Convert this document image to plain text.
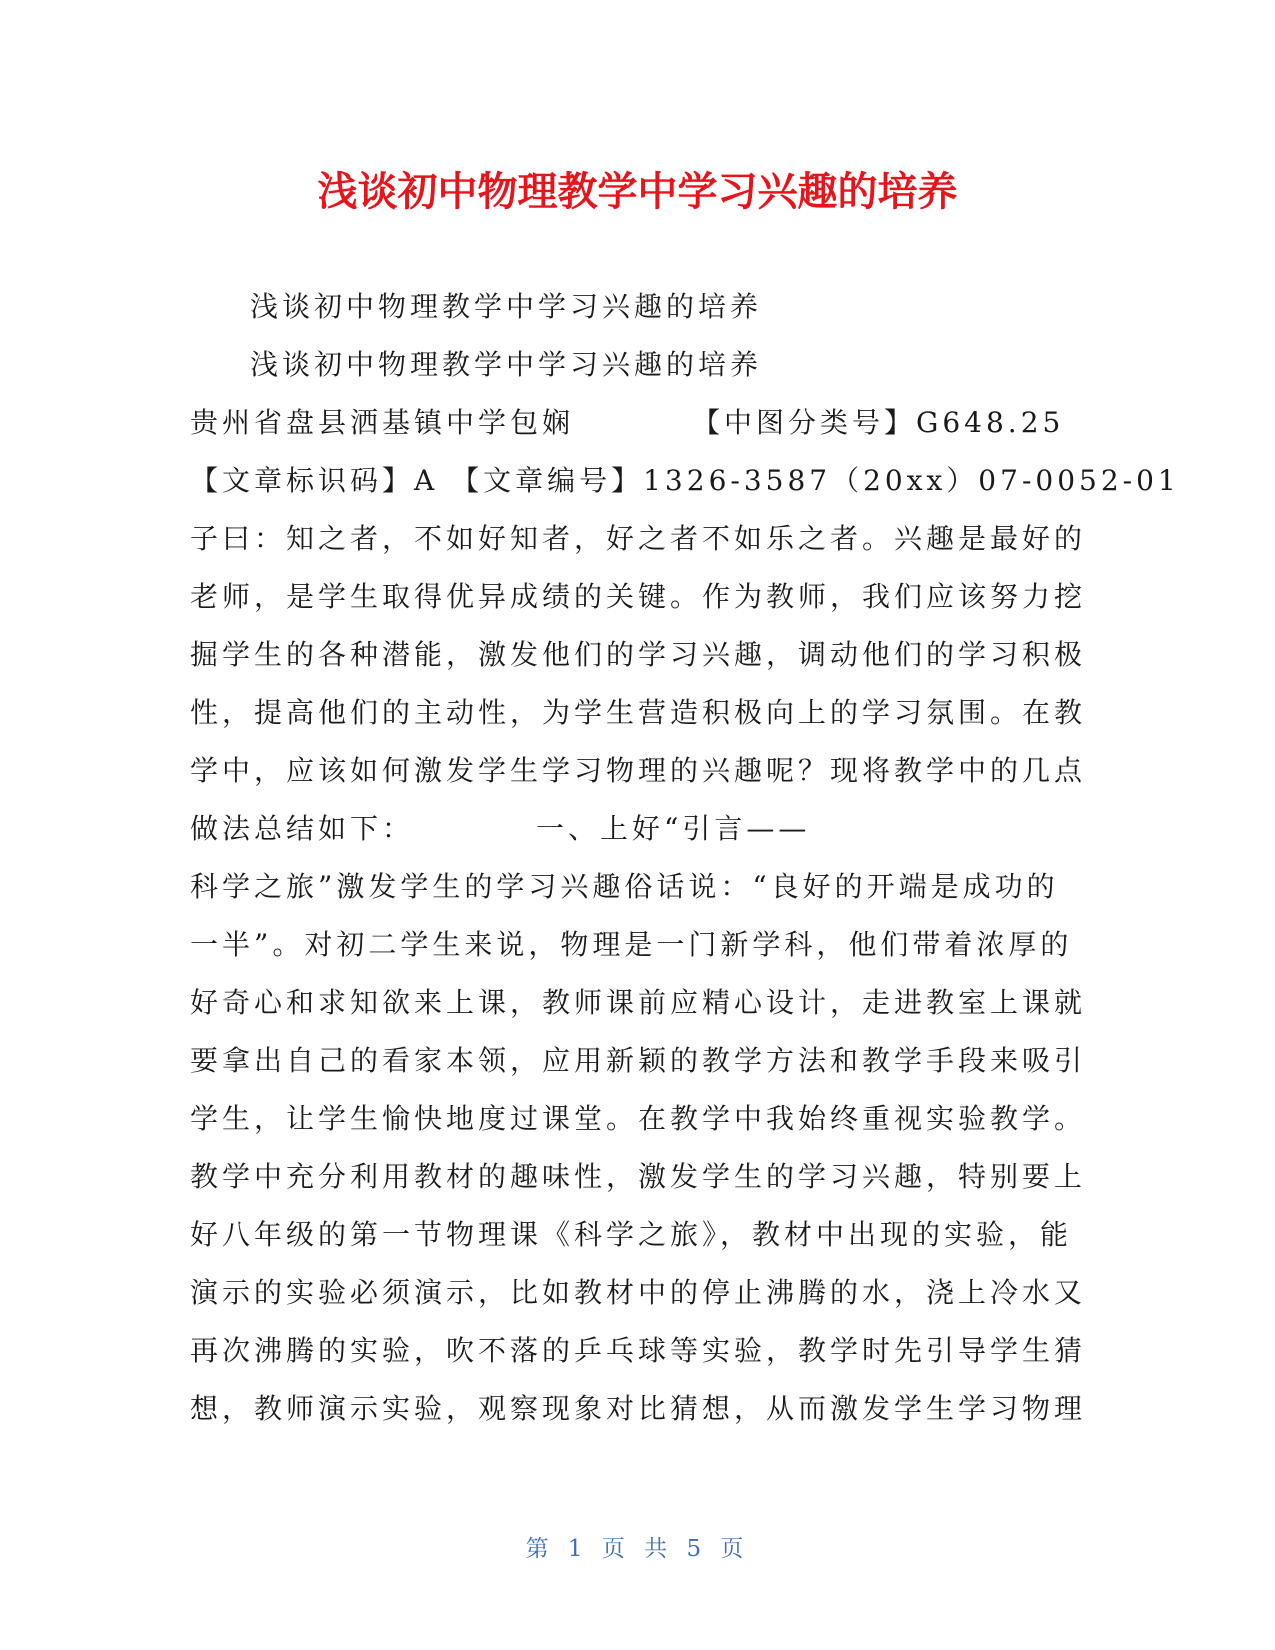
浅谈初中物理教学中学习兴趣的培养
浅谈初中物理教学中学习兴趣的培养
浅谈初中物理教学中学习兴趣的培养
贵州省盘县洒基镇中学包娴	【中图分类号】G648.25
【文章标识码】A 【文章编号】1326-3587（20xx）07-0052-01
子曰：知之者，不如好知者，好之者不如乐之者。兴趣是最好的
老师，是学生取得优异成绩的关键。作为教师，我们应该努力挖
掘学生的各种潜能，激发他们的学习兴趣，调动他们的学习积极
性，提高他们的主动性，为学生营造积极向上的学习氛围。在教
学中，应该如何激发学生学习物理的兴趣呢？现将教学中的几点
做法总结如下：	一、上好“引言——
科学之旅”激发学生的学习兴趣俗话说：“良好的开端是成功的
一半”。对初二学生来说，物理是一门新学科，他们带着浓厚的
好奇心和求知欲来上课，教师课前应精心设计，走进教室上课就
要拿出自己的看家本领，应用新颖的教学方法和教学手段来吸引
学生，让学生愉快地度过课堂。在教学中我始终重视实验教学。
教学中充分利用教材的趣味性，激发学生的学习兴趣，特别要上
好八年级的第一节物理课《科学之旅》，教材中出现的实验，能
演示的实验必须演示，比如教材中的停止沸腾的水，浇上冷水又
再次沸腾的实验，吹不落的乒乓球等实验，教学时先引导学生猜
想，教师演示实验，观察现象对比猜想，从而激发学生学习物理
第 1 页 共 5 页
